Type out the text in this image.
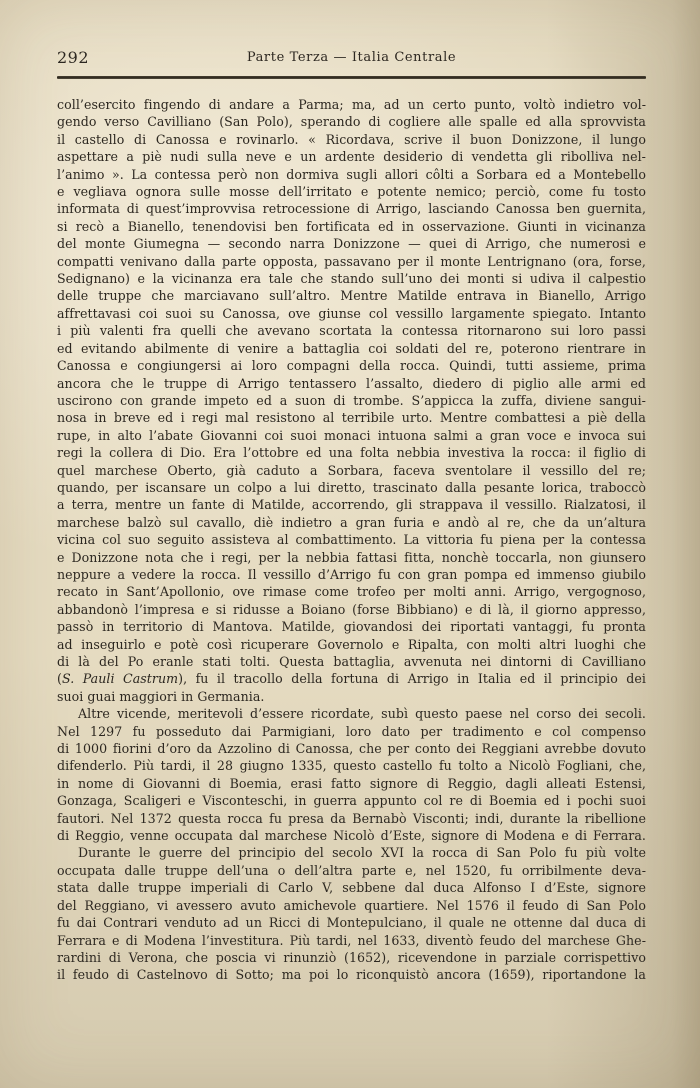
292	Parte Terza — Italia Centrale
coll’esercito fingendo di andare a Parma; ma, ad un certo punto, voltò indietro vol-
gendo verso Cavilliano (San Polo), sperando di cogliere alle spalle ed alla sprovvista
il castello di Canossa e rovinarlo. « Ricordava, scrive il buon Donizzone, il lungo
aspettare a piè nudi sulla neve e un ardente desiderio di vendetta gli ribolliva nel-
l’animo ». La contessa però non dormiva sugli allori côlti a Sorbara ed a Montebello
e vegliava ognora sulle mosse dell’irritato e potente nemico; perciò, come fu tosto
informata di quest’improvvisa retrocessione di Arrigo, lasciando Canossa ben guernita,
si recò a Bianello, tenendovisi ben fortificata ed in osservazione. Giunti in vicinanza
del monte Giumegna — secondo narra Donizzone — quei di Arrigo, che numerosi e
compatti venivano dalla parte opposta, passavano per il monte Lentrignano (ora, forse,
Sedignano) e la vicinanza era tale che stando sull’uno dei monti si udiva il calpestio
delle truppe che marciavano sull’altro. Mentre Matilde entrava in Bianello, Arrigo
affrettavasi coi suoi su Canossa, ove giunse col vessillo largamente spiegato. Intanto
i più valenti fra quelli che avevano scortata la contessa ritornarono sui loro passi
ed evitando abilmente di venire a battaglia coi soldati del re, poterono rientrare in
Canossa e congiungersi ai loro compagni della rocca. Quindi, tutti assieme, prima
ancora che le truppe di Arrigo tentassero l’assalto, diedero di piglio alle armi ed
uscirono con grande impeto ed a suon di trombe. S’appicca la zuffa, diviene sangui-
nosa in breve ed i regi mal resistono al terribile urto. Mentre combattesi a piè della
rupe, in alto l’abate Giovanni coi suoi monaci intuona salmi a gran voce e invoca sui
regi la collera di Dio. Era l’ottobre ed una folta nebbia investiva la rocca: il figlio di
quel marchese Oberto, già caduto a Sorbara, faceva sventolare il vessillo del re;
quando, per iscansare un colpo a lui diretto, trascinato dalla pesante lorica, traboccò
a terra, mentre un fante di Matilde, accorrendo, gli strappava il vessillo. Rialzatosi, il
marchese balzò sul cavallo, diè indietro a gran furia e andò al re, che da un’altura
vicina col suo seguito assisteva al combattimento. La vittoria fu piena per la contessa
e Donizzone nota che i regi, per la nebbia fattasi fitta, nonchè toccarla, non giunsero
neppure a vedere la rocca. Il vessillo d’Arrigo fu con gran pompa ed immenso giubilo
recato in Sant’Apollonio, ove rimase come trofeo per molti anni. Arrigo, vergognoso,
abbandonò l’impresa e si ridusse a Boiano (forse Bibbiano) e di là, il giorno appresso,
passò in territorio di Mantova. Matilde, giovandosi dei riportati vantaggi, fu pronta
ad inseguirlo e potè così ricuperare Governolo e Ripalta, con molti altri luoghi che
di là del Po eranle stati tolti. Questa battaglia, avvenuta nei dintorni di Cavilliano
(S. Pauli Castrum), fu il tracollo della fortuna di Arrigo in Italia ed il principio dei
suoi guai maggiori in Germania.
Altre vicende, meritevoli d’essere ricordate, subì questo paese nel corso dei secoli.
Nel 1297 fu posseduto dai Parmigiani, loro dato per tradimento e col compenso
di 1000 fiorini d’oro da Azzolino di Canossa, che per conto dei Reggiani avrebbe dovuto
difenderlo. Più tardi, il 28 giugno 1335, questo castello fu tolto a Nicolò Fogliani, che,
in nome di Giovanni di Boemia, erasi fatto signore di Reggio, dagli alleati Estensi,
Gonzaga, Scaligeri e Visconteschi, in guerra appunto col re di Boemia ed i pochi suoi
fautori. Nel 1372 questa rocca fu presa da Bernabò Visconti; indi, durante la ribellione
di Reggio, venne occupata dal marchese Nicolò d’Este, signore di Modena e di Ferrara.
Durante le guerre del principio del secolo XVI la rocca di San Polo fu più volte
occupata dalle truppe dell’una o dell’altra parte e, nel 1520, fu orribilmente deva-
stata dalle truppe imperiali di Carlo V, sebbene dal duca Alfonso I d’Este, signore
del Reggiano, vi avessero avuto amichevole quartiere. Nel 1576 il feudo di San Polo
fu dai Contrari venduto ad un Ricci di Montepulciano, il quale ne ottenne dal duca di
Ferrara e di Modena l’investitura. Più tardi, nel 1633, diventò feudo del marchese Ghe-
rardini di Verona, che poscia vi rinunziò (1652), ricevendone in parziale corrispettivo
il feudo di Castelnovo di Sotto; ma poi lo riconquistò ancora (1659), riportandone la
